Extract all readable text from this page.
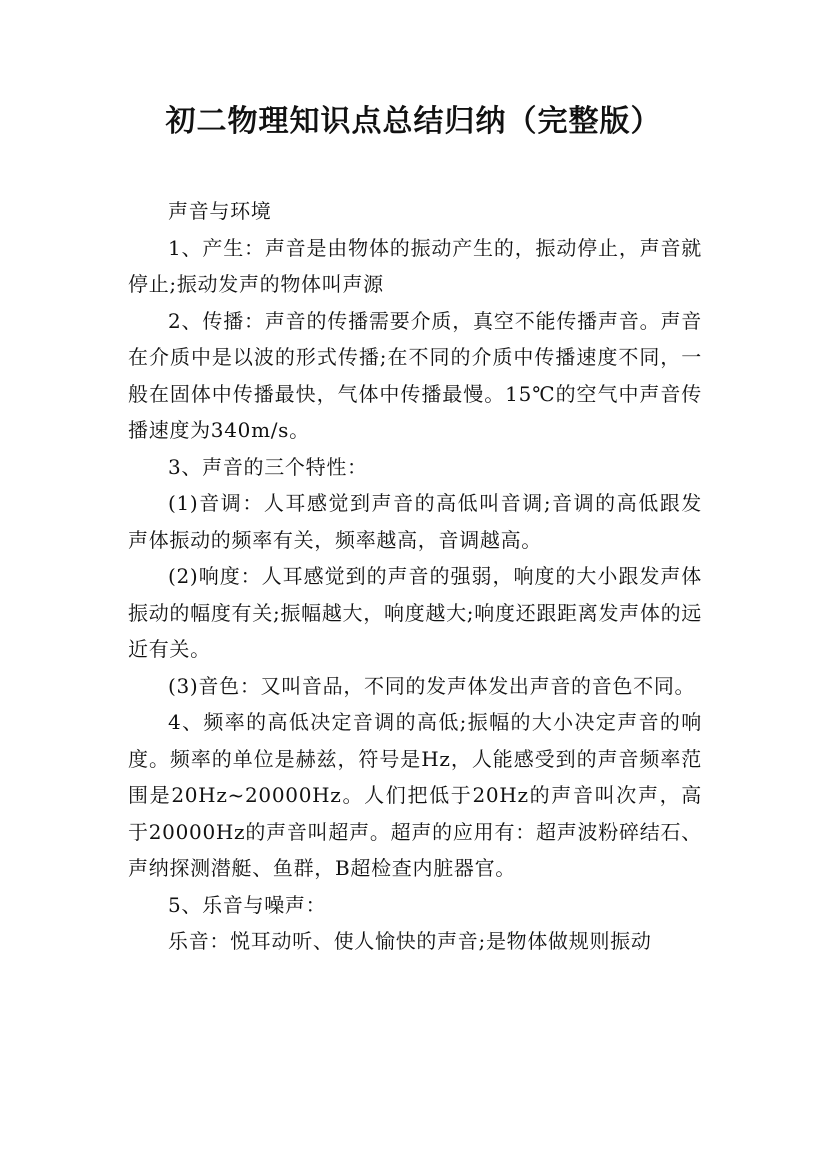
初二物理知识点总结归纳（完整版）

声音与环境

1、产生：声音是由物体的振动产生的，振动停止，声音就停止;振动发声的物体叫声源

2、传播：声音的传播需要介质，真空不能传播声音。声音在介质中是以波的形式传播;在不同的介质中传播速度不同，一般在固体中传播最快，气体中传播最慢。15℃的空气中声音传播速度为340m/s。

3、声音的三个特性：

(1)音调：人耳感觉到声音的高低叫音调;音调的高低跟发声体振动的频率有关，频率越高，音调越高。

(2)响度：人耳感觉到的声音的强弱，响度的大小跟发声体振动的幅度有关;振幅越大，响度越大;响度还跟距离发声体的远近有关。

(3)音色：又叫音品，不同的发声体发出声音的音色不同。

4、频率的高低决定音调的高低;振幅的大小决定声音的响度。频率的单位是赫兹，符号是Hz，人能感受到的声音频率范围是20Hz~20000Hz。人们把低于20Hz的声音叫次声，高于20000Hz的声音叫超声。超声的应用有：超声波粉碎结石、声纳探测潜艇、鱼群，B超检查内脏器官。

5、乐音与噪声：

乐音：悦耳动听、使人愉快的声音;是物体做规则振动
